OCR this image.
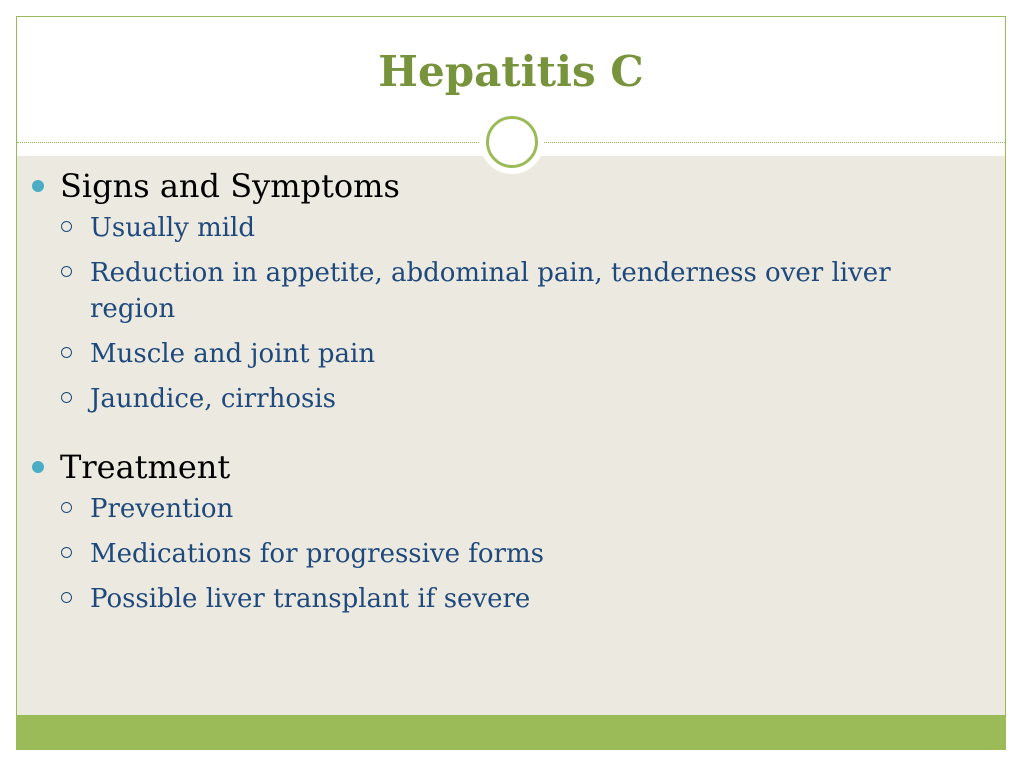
Hepatitis C
Signs and Symptoms
Usually mild
Reduction in appetite, abdominal pain, tenderness over liver region
Muscle and joint pain
Jaundice, cirrhosis
Treatment
Prevention
Medications for progressive forms
Possible liver transplant if severe
